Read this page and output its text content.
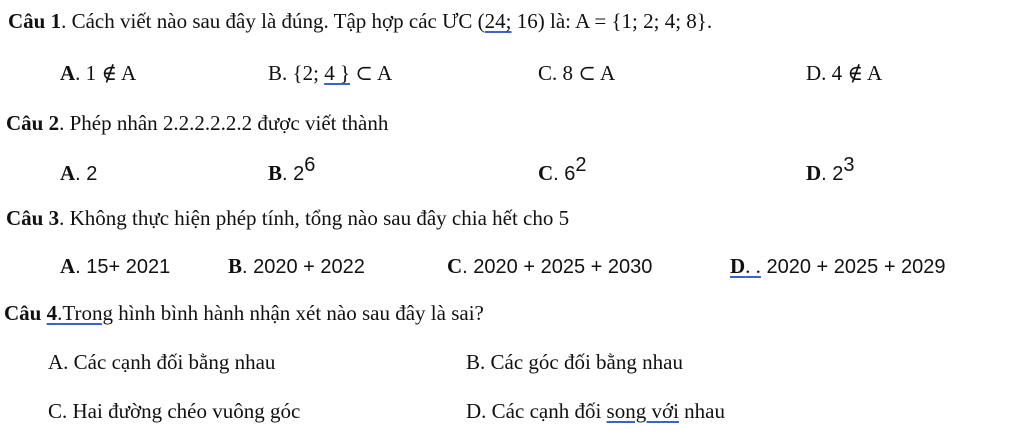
Câu 1. Cách viết nào sau đây là đúng. Tập hợp các ƯC (24; 16) là: A = {1; 2; 4; 8}.
A. 1 ∉ A	B. {2; 4 } ⊂ A	C. 8 ⊂ A	D. 4 ∉ A
Câu 2. Phép nhân 2.2.2.2.2.2 được viết thành
A. 2	B. $2^6$	C. $6^2$	D. $2^3$
Câu 3. Không thực hiện phép tính, tổng nào sau đây chia hết cho 5
A. 15+ 2021	B. 2020 + 2022	C. 2020 + 2025 + 2030	D. . 2020 + 2025 + 2029
Câu 4.Trong hình bình hành nhận xét nào sau đây là sai?
A. Các cạnh đối bằng nhau	B. Các góc đối bằng nhau
C. Hai đường chéo vuông góc	D. Các cạnh đối song với nhau
